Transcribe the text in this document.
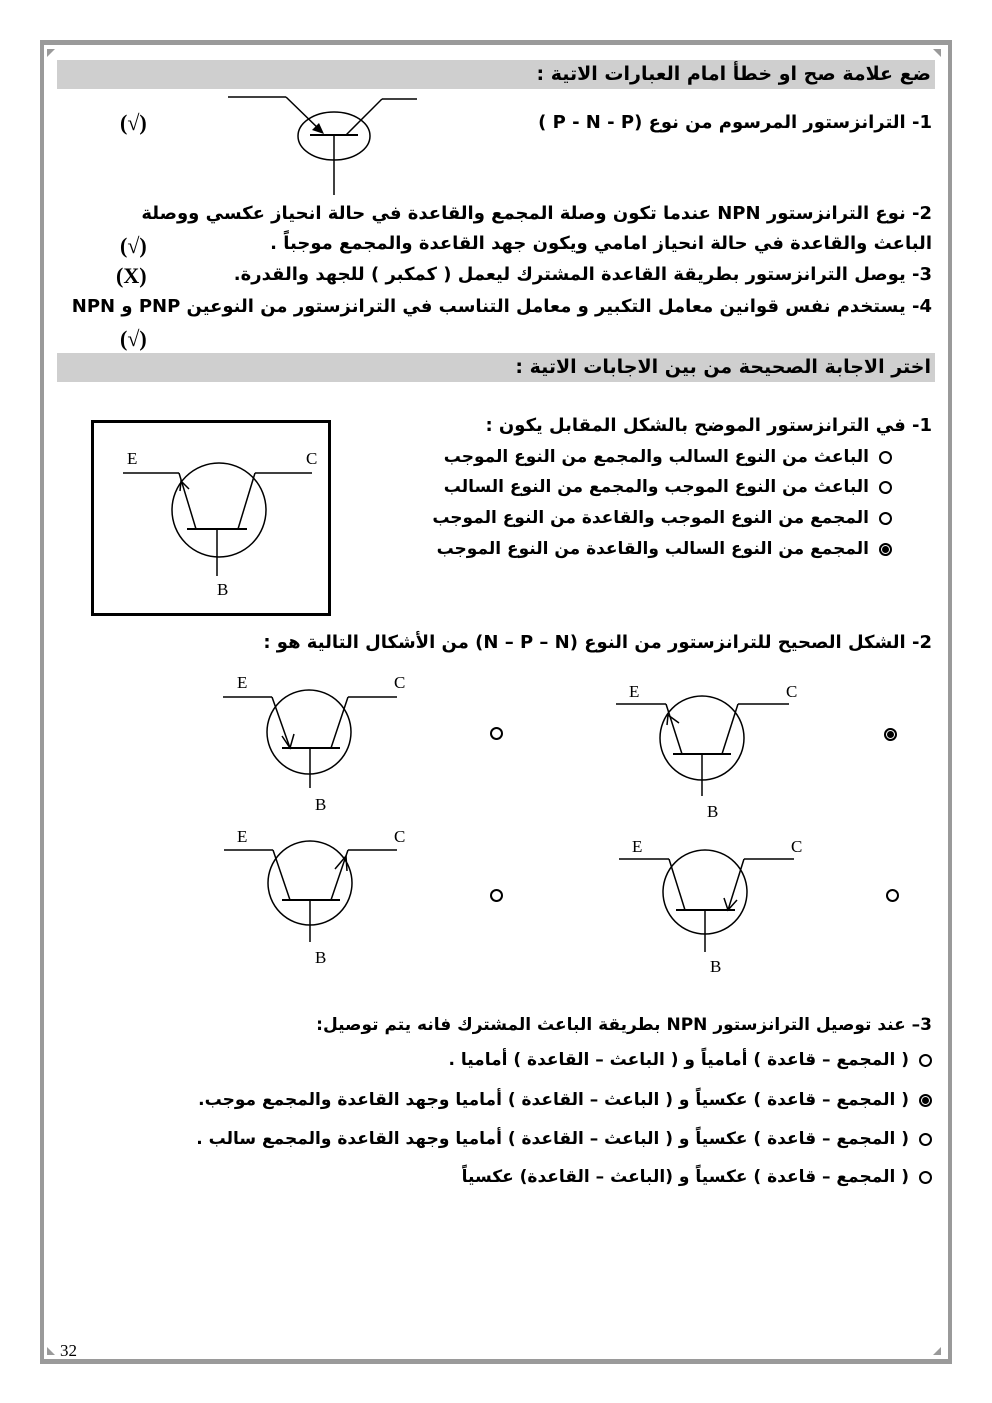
ضع علامة صح او خطأ امام العبارات الاتية :
1- الترانزستور المرسوم من نوع (P - N - P )
(√)
2- نوع الترانزستور NPN عندما تكون وصلة المجمع والقاعدة في حالة انحياز عكسي ووصلة
الباعث والقاعدة في حالة انحياز امامي ويكون جهد القاعدة والمجمع موجباً .
(√)
3- يوصل الترانزستور بطريقة القاعدة المشترك ليعمل ( كمكبر ) للجهد والقدرة.
(X)
4- يستخدم نفس قوانين معامل التكبير و معامل التناسب في الترانزستور من النوعين PNP و NPN
(√)
اختر الاجابة الصحيحة من بين الاجابات الاتية :
1- في الترانزستور الموضح بالشكل المقابل يكون :
E	C
B
الباعث من النوع السالب والمجمع من النوع الموجب
الباعث من النوع الموجب والمجمع من النوع السالب
المجمع من النوع الموجب والقاعدة من النوع الموجب
المجمع من النوع السالب والقاعدة من النوع الموجب
2- الشكل الصحيح للترانزستور من النوع (N – P – N) من الأشكال التالية هو :
E	C
B
E	C
B
E	C
B
E	C
B
3– عند توصيل الترانزستور NPN بطريقة الباعث المشترك فانه يتم توصيل:
( المجمع – قاعدة ) أمامياً و ( الباعث – القاعدة ) أماميا .
( المجمع – قاعدة ) عكسياً و ( الباعث – القاعدة ) أماميا وجهد القاعدة والمجمع موجب.
( المجمع – قاعدة ) عكسياً و ( الباعث – القاعدة ) أماميا وجهد القاعدة والمجمع سالب .
( المجمع – قاعدة ) عكسياً و (الباعث – القاعدة) عكسياً
32
